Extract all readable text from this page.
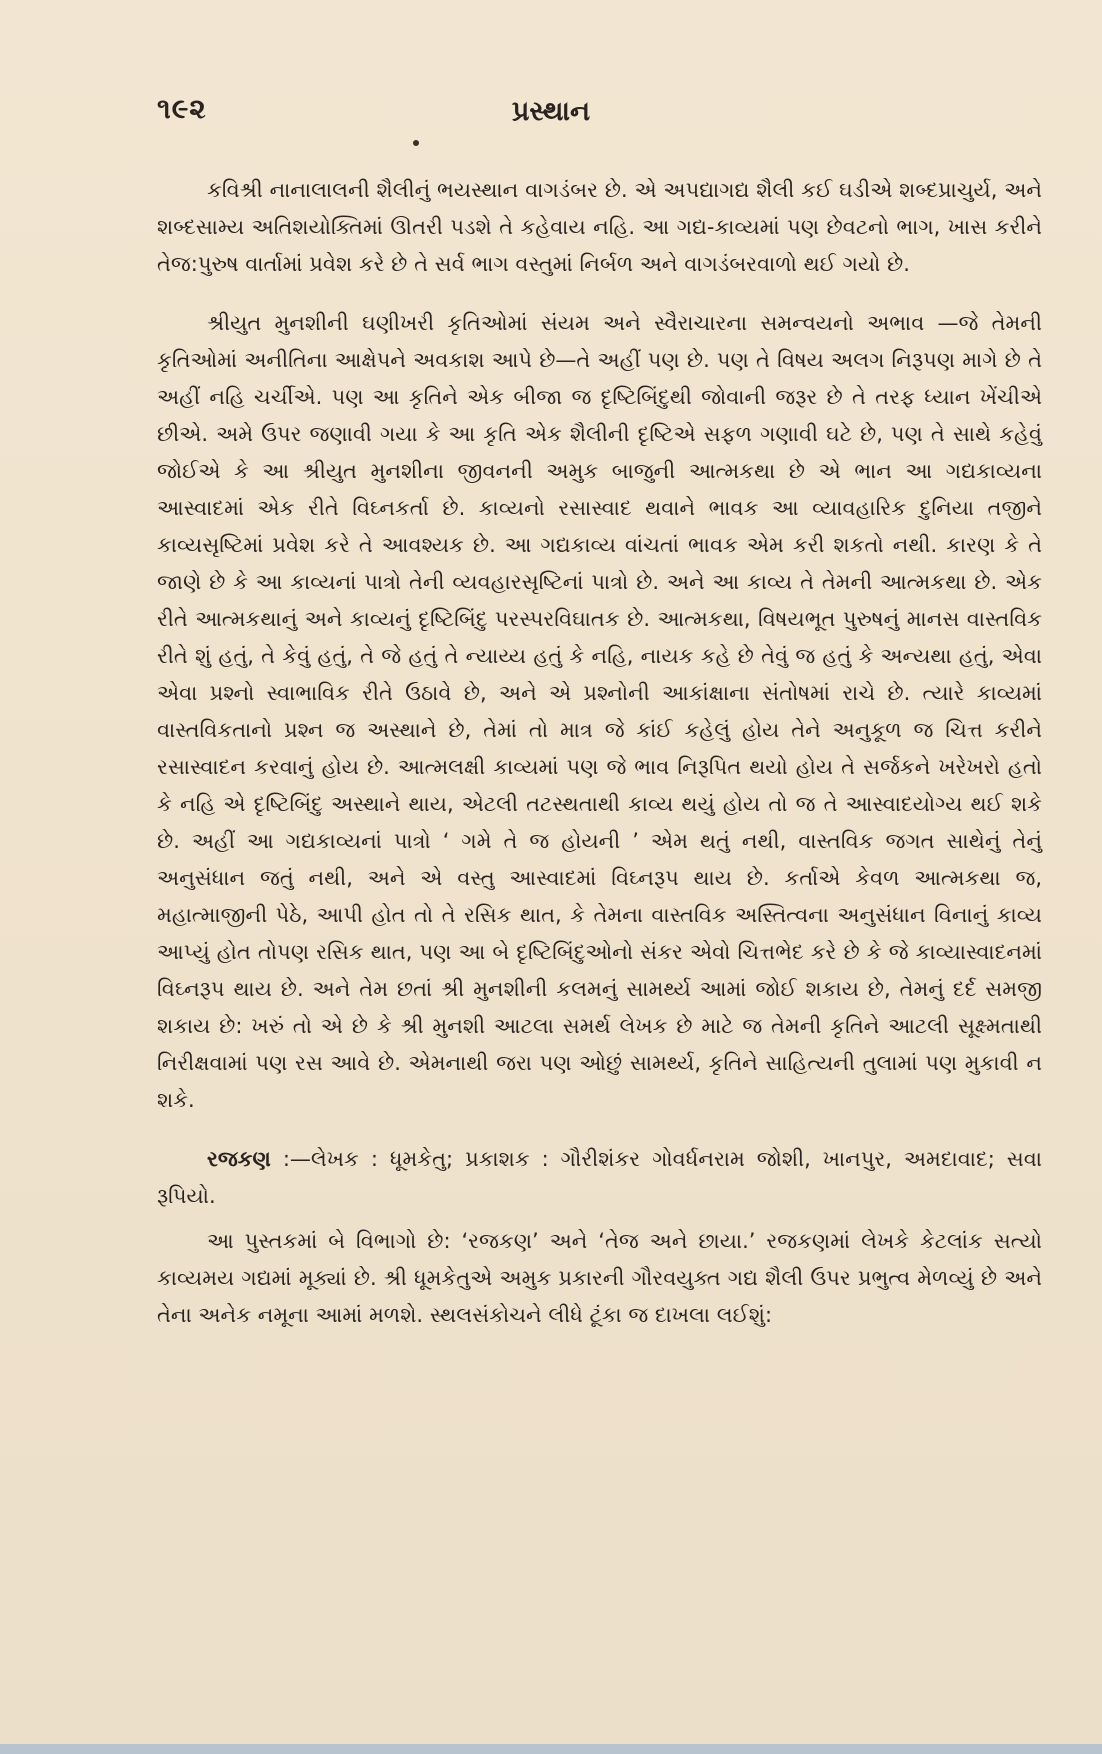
૧૯૨	પ્રસ્થાન

કવિશ્રી નાનાલાલની શૈલીનું ભયસ્થાન વાગડંબર છે. એ અપદ્યાગદ્ય શૈલી કઈ ઘડીએ શબ્દપ્રાચુર્ય, અને શબ્દસામ્ય અતિશયોક્તિમાં ઊતરી પડશે તે કહેવાય નહિ. આ ગદ્ય-કાવ્યમાં પણ છેવટનો ભાગ, ખાસ કરીને તેજ:પુરુષ વાર્તામાં પ્રવેશ કરે છે તે સર્વ ભાગ વસ્તુમાં નિર્બળ અને વાગડંબરવાળો થઈ ગયો છે.

શ્રીયુત મુનશીની ઘણીખરી કૃતિઓમાં સંયમ અને સ્વૈરાચારના સમન્વયનો અભાવ —જે તેમની કૃતિઓમાં અનીતિના આક્ષેપને અવકાશ આપે છે—તે અહીં પણ છે. પણ તે વિષય અલગ નિરૂપણ માગે છે તે અહીં નહિ ચર્ચીએ. પણ આ કૃતિને એક બીજા જ દૃષ્ટિબિંદુથી જોવાની જરૂર છે તે તરફ ધ્યાન ખેંચીએ છીએ. અમે ઉપર જણાવી ગયા કે આ કૃતિ એક શૈલીની દૃષ્ટિએ સફળ ગણાવી ઘટે છે, પણ તે સાથે કહેવું જોઈએ કે આ શ્રીયુત મુનશીના જીવનની અમુક બાજુની આત્મકથા છે એ ભાન આ ગદ્યકાવ્યના આસ્વાદમાં એક રીતે વિઘ્નકર્તા છે. કાવ્યનો રસાસ્વાદ થવાને ભાવક આ વ્યાવહારિક દુનિયા તજીને કાવ્યસૃષ્ટિમાં પ્રવેશ કરે તે આવશ્યક છે. આ ગદ્યકાવ્ય વાંચતાં ભાવક એમ કરી શકતો નથી. કારણ કે તે જાણે છે કે આ કાવ્યનાં પાત્રો તેની વ્યવહારસૃષ્ટિનાં પાત્રો છે. અને આ કાવ્ય તે તેમની આત્મકથા છે. એક રીતે આત્મકથાનું અને કાવ્યનું દૃષ્ટિબિંદુ પરસ્પરવિઘાતક છે. આત્મકથા, વિષયભૂત પુરુષનું માનસ વાસ્તવિક રીતે શું હતું, તે કેવું હતું, તે જે હતું તે ન્યાય્ય હતું કે નહિ, નાયક કહે છે તેવું જ હતું કે અન્યથા હતું, એવા એવા પ્રશ્નો સ્વાભાવિક રીતે ઉઠાવે છે, અને એ પ્રશ્નોની આકાંક્ષાના સંતોષમાં રાચે છે. ત્યારે કાવ્યમાં વાસ્તવિકતાનો પ્રશ્ન જ અસ્થાને છે, તેમાં તો માત્ર જે કાંઈ કહેલું હોય તેને અનુકૂળ જ ચિત્ત કરીને રસાસ્વાદન કરવાનું હોય છે. આત્મલક્ષી કાવ્યમાં પણ જે ભાવ નિરૂપિત થયો હોય તે સર્જકને ખરેખરો હતો કે નહિ એ દૃષ્ટિબિંદુ અસ્થાને થાય, એટલી તટસ્થતાથી કાવ્ય થયું હોય તો જ તે આસ્વાદયોગ્ય થઈ શકે છે. અહીં આ ગદ્યકાવ્યનાં પાત્રો ‘ ગમે તે જ હોયની ’ એમ થતું નથી, વાસ્તવિક જગત સાથેનું તેનું અનુસંધાન જતું નથી, અને એ વસ્તુ આસ્વાદમાં વિઘ્નરૂપ થાય છે. કર્તાએ કેવળ આત્મકથા જ, મહાત્માજીની પેઠે, આપી હોત તો તે રસિક થાત, કે તેમના વાસ્તવિક અસ્તિત્વના અનુસંધાન વિનાનું કાવ્ય આપ્યું હોત તોપણ રસિક થાત, પણ આ બે દૃષ્ટિબિંદુઓનો સંકર એવો ચિત્તભેદ કરે છે કે જે કાવ્યાસ્વાદનમાં વિઘ્નરૂપ થાય છે. અને તેમ છતાં શ્રી મુનશીની કલમનું સામર્થ્ય આમાં જોઈ શકાય છે, તેમનું દર્દ સમજી શકાય છે: ખરું તો એ છે કે શ્રી મુનશી આટલા સમર્થ લેખક છે માટે જ તેમની કૃતિને આટલી સૂક્ષ્મતાથી નિરીક્ષવામાં પણ રસ આવે છે. એમનાથી જરા પણ ઓછું સામર્થ્ય, કૃતિને સાહિત્યની તુલામાં પણ મુકાવી ન શકે.

રજકણ :—લેખક : ધૂમકેતુ; પ્રકાશક : ગૌરીશંકર ગોવર્ધનરામ જોશી, ખાનપુર, અમદાવાદ; સવા રૂપિયો.

આ પુસ્તકમાં બે વિભાગો છે: ‘રજકણ’ અને ‘તેજ અને છાયા.’ રજકણમાં લેખકે કેટલાંક સત્યો કાવ્યમય ગદ્યમાં મૂક્યાં છે. શ્રી ધૂમકેતુએ અમુક પ્રકારની ગૌરવયુક્ત ગદ્ય શૈલી ઉપર પ્રભુત્વ મેળવ્યું છે અને તેના અનેક નમૂના આમાં મળશે. સ્થલસંકોચને લીધે ટૂંકા જ દાખલા લઈશું:
